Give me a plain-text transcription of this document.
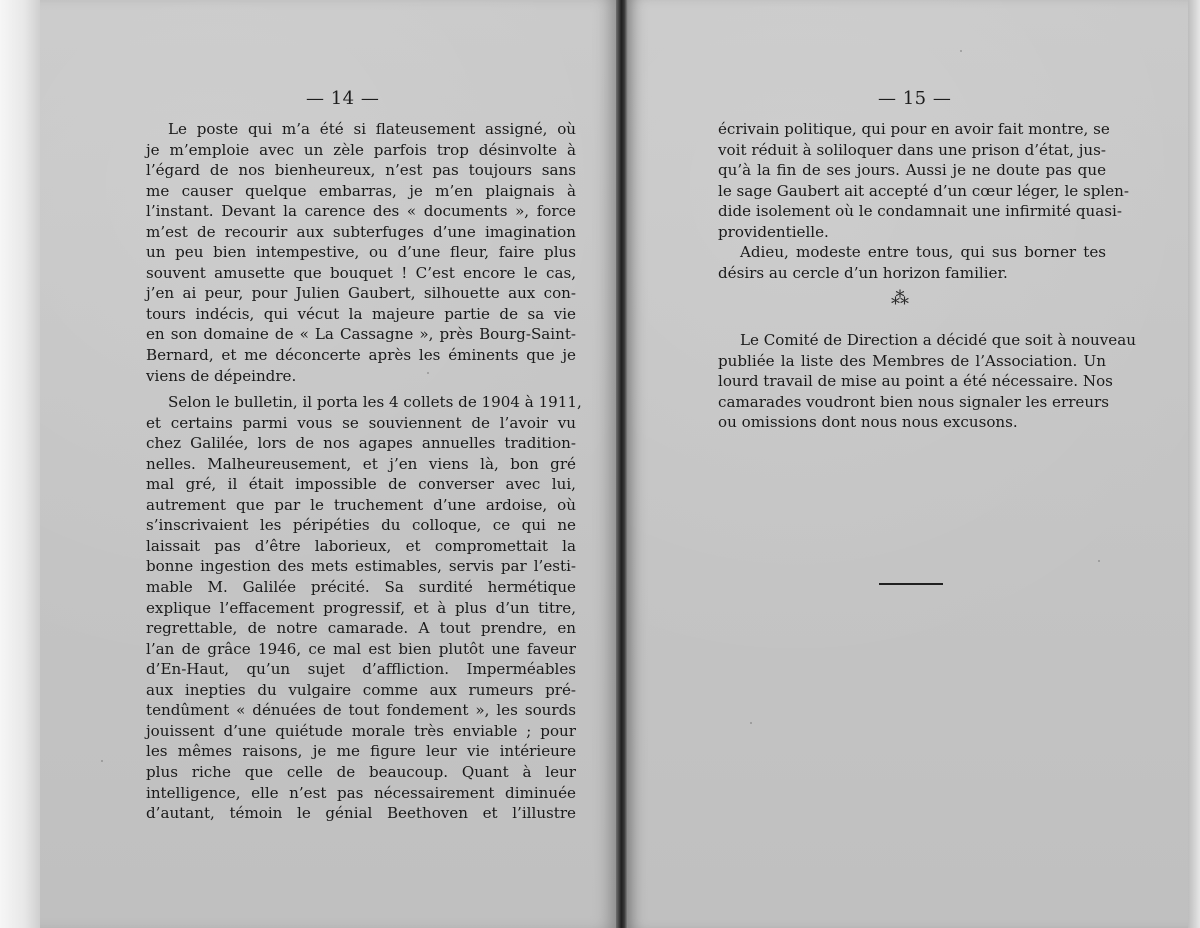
— 14 —
Le poste qui m’a été si flateusement assigné, où
je m’emploie avec un zèle parfois trop désinvolte à
l’égard de nos bienheureux, n’est pas toujours sans
me causer quelque embarras, je m’en plaignais à
l’instant. Devant la carence des « documents », force
m’est de recourir aux subterfuges d’une imagination
un peu bien intempestive, ou d’une fleur, faire plus
souvent amusette que bouquet ! C’est encore le cas,
j’en ai peur, pour Julien Gaubert, silhouette aux con-
tours indécis, qui vécut la majeure partie de sa vie
en son domaine de « La Cassagne », près Bourg-Saint-
Bernard, et me déconcerte après les éminents que je
viens de dépeindre.
Selon le bulletin, il porta les 4 collets de 1904 à 1911,
et certains parmi vous se souviennent de l’avoir vu
chez Galilée, lors de nos agapes annuelles tradition-
nelles. Malheureusement, et j’en viens là, bon gré
mal gré, il était impossible de converser avec lui,
autrement que par le truchement d’une ardoise, où
s’inscrivaient les péripéties du colloque, ce qui ne
laissait pas d’être laborieux, et compromettait la
bonne ingestion des mets estimables, servis par l’esti-
mable M. Galilée précité. Sa surdité hermétique
explique l’effacement progressif, et à plus d’un titre,
regrettable, de notre camarade. A tout prendre, en
l’an de grâce 1946, ce mal est bien plutôt une faveur
d’En-Haut, qu’un sujet d’affliction. Imperméables
aux inepties du vulgaire comme aux rumeurs pré-
tendûment « dénuées de tout fondement », les sourds
jouissent d’une quiétude morale très enviable ; pour
les mêmes raisons, je me figure leur vie intérieure
plus riche que celle de beaucoup. Quant à leur
intelligence, elle n’est pas nécessairement diminuée
d’autant, témoin le génial Beethoven et l’illustre
— 15 —
écrivain politique, qui pour en avoir fait montre, se
voit réduit à soliloquer dans une prison d’état, jus-
qu’à la fin de ses jours. Aussi je ne doute pas que
le sage Gaubert ait accepté d’un cœur léger, le splen-
dide isolement où le condamnait une infirmité quasi-
providentielle.
Adieu, modeste entre tous, qui sus borner tes
désirs au cercle d’un horizon familier.
⁂
Le Comité de Direction a décidé que soit à nouveau
publiée la liste des Membres de l’Association. Un
lourd travail de mise au point a été nécessaire. Nos
camarades voudront bien nous signaler les erreurs
ou omissions dont nous nous excusons.
